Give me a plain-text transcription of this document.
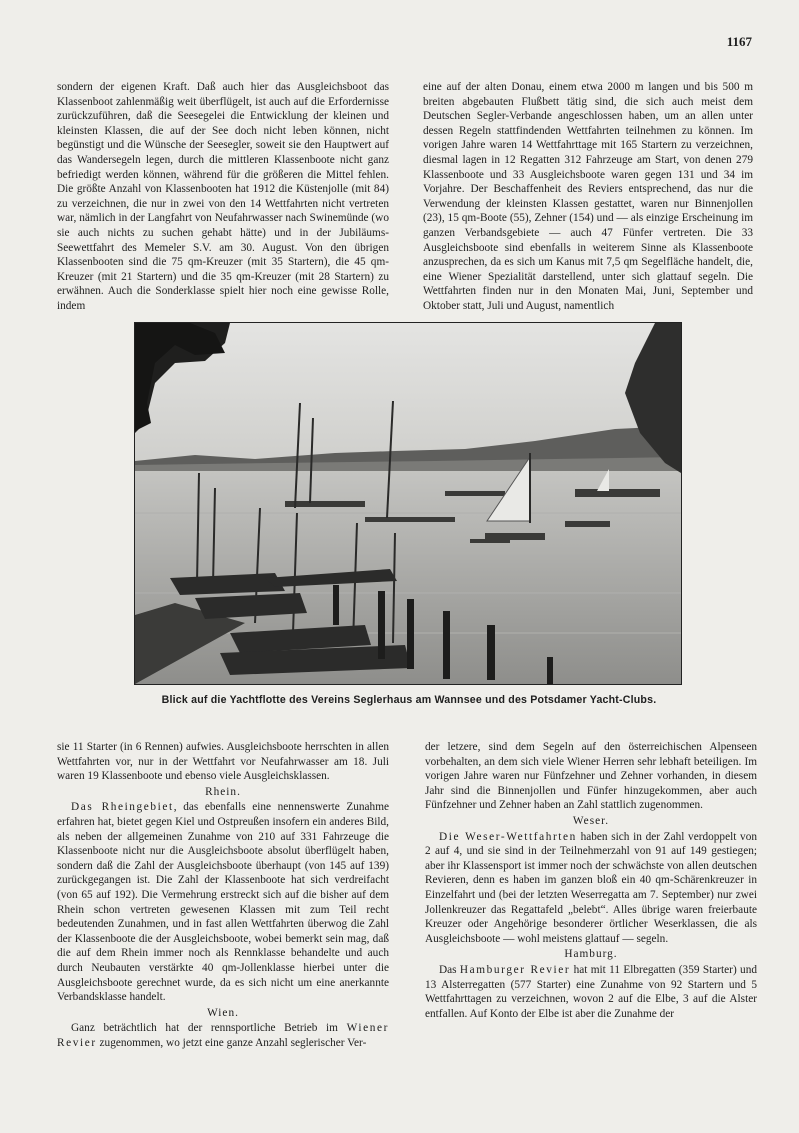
1167

sondern der eigenen Kraft. Daß auch hier das Ausgleichsboot das Klassenboot zahlenmäßig weit überflügelt, ist auch auf die Erfordernisse zurückzuführen, daß die Seesegelei die Entwicklung der kleinen und kleinsten Klassen, die auf der See doch nicht leben können, nicht begünstigt und die Wünsche der Seesegler, soweit sie den Hauptwert auf das Wandersegeln legen, durch die mittleren Klassenboote nicht ganz befriedigt werden können, während für die größeren die Mittel fehlen. Die größte Anzahl von Klassenbooten hat 1912 die Küstenjolle (mit 84) zu verzeichnen, die nur in zwei von den 14 Wettfahrten nicht vertreten war, nämlich in der Langfahrt von Neufahrwasser nach Swinemünde (wo sie auch nichts zu suchen gehabt hätte) und in der Jubiläums-Seewettfahrt des Memeler S.V. am 30. August. Von den übrigen Klassenbooten sind die 75 qm-Kreuzer (mit 35 Startern), die 45 qm-Kreuzer (mit 21 Startern) und die 35 qm-Kreuzer (mit 28 Startern) zu erwähnen. Auch die Sonderklasse spielt hier noch eine gewisse Rolle, indem

eine auf der alten Donau, einem etwa 2000 m langen und bis 500 m breiten abgebauten Flußbett tätig sind, die sich auch meist dem Deutschen Segler-Verbande angeschlossen haben, um an allen unter dessen Regeln stattfindenden Wettfahrten teilnehmen zu können. Im vorigen Jahre waren 14 Wettfahrttage mit 165 Startern zu verzeichnen, diesmal lagen in 12 Regatten 312 Fahrzeuge am Start, von denen 279 Klassenboote und 33 Ausgleichsboote waren gegen 131 und 34 im Vorjahre. Der Beschaffenheit des Reviers entsprechend, das nur die Verwendung der kleinsten Klassen gestattet, waren nur Binnenjollen (23), 15 qm-Boote (55), Zehner (154) und — als einzige Erscheinung im ganzen Verbandsgebiete — auch 47 Fünfer vertreten. Die 33 Ausgleichsboote sind ebenfalls in weiterem Sinne als Klassenboote anzusprechen, da es sich um Kanus mit 7,5 qm Segelfläche handelt, die, eine Wiener Spezialität darstellend, unter sich glattauf segeln. Die Wettfahrten finden nur in den Monaten Mai, Juni, September und Oktober statt, Juli und August, namentlich

Blick auf die Yachtflotte des Vereins Seglerhaus am Wannsee und des Potsdamer Yacht-Clubs.

sie 11 Starter (in 6 Rennen) aufwies. Ausgleichsboote herrschten in allen Wettfahrten vor, nur in der Wettfahrt vor Neufahrwasser am 18. Juli waren 19 Klassenboote und ebenso viele Ausgleichsklassen.

Rhein.

Das Rheingebiet, das ebenfalls eine nennenswerte Zunahme erfahren hat, bietet gegen Kiel und Ostpreußen insofern ein anderes Bild, als neben der allgemeinen Zunahme von 210 auf 331 Fahrzeuge die Klassenboote nicht nur die Ausgleichsboote absolut überflügelt haben, sondern daß die Zahl der Ausgleichsboote überhaupt (von 145 auf 139) zurückgegangen ist. Die Zahl der Klassenboote hat sich verdreifacht (von 65 auf 192). Die Vermehrung erstreckt sich auf die bisher auf dem Rhein schon vertreten gewesenen Klassen mit zum Teil recht bedeutenden Zunahmen, und in fast allen Wettfahrten überwog die Zahl der Klassenboote die der Ausgleichsboote, wobei bemerkt sein mag, daß die auf dem Rhein immer noch als Rennklasse behandelte und auch durch Neubauten verstärkte 40 qm-Jollenklasse hierbei unter die Ausgleichsboote gerechnet wurde, da es sich nicht um eine anerkannte Verbandsklasse handelt.

Wien.

Ganz beträchtlich hat der rennsportliche Betrieb im Wiener Revier zugenommen, wo jetzt eine ganze Anzahl seglerischer Ver-

der letzere, sind dem Segeln auf den österreichischen Alpenseen vorbehalten, an dem sich viele Wiener Herren sehr lebhaft beteiligen. Im vorigen Jahre waren nur Fünfzehner und Zehner vorhanden, in diesem Jahr sind die Binnenjollen und Fünfer hinzugekommen, aber auch Fünfzehner und Zehner haben an Zahl stattlich zugenommen.

Weser.

Die Weser-Wettfahrten haben sich in der Zahl verdoppelt von 2 auf 4, und sie sind in der Teilnehmerzahl von 91 auf 149 gestiegen; aber ihr Klassensport ist immer noch der schwächste von allen deutschen Revieren, denn es haben im ganzen bloß ein 40 qm-Schärenkreuzer in Einzelfahrt und (bei der letzten Weserregatta am 7. September) nur zwei Jollenkreuzer das Regattafeld „belebt“. Alles übrige waren freierbaute Kreuzer oder Angehörige besonderer örtlicher Weserklassen, die als Ausgleichsboote — wohl meistens glattauf — segeln.

Hamburg.

Das Hamburger Revier hat mit 11 Elbregatten (359 Starter) und 13 Alsterregatten (577 Starter) eine Zunahme von 92 Startern und 5 Wettfahrttagen zu verzeichnen, wovon 2 auf die Elbe, 3 auf die Alster entfallen. Auf Konto der Elbe ist aber die Zunahme der
